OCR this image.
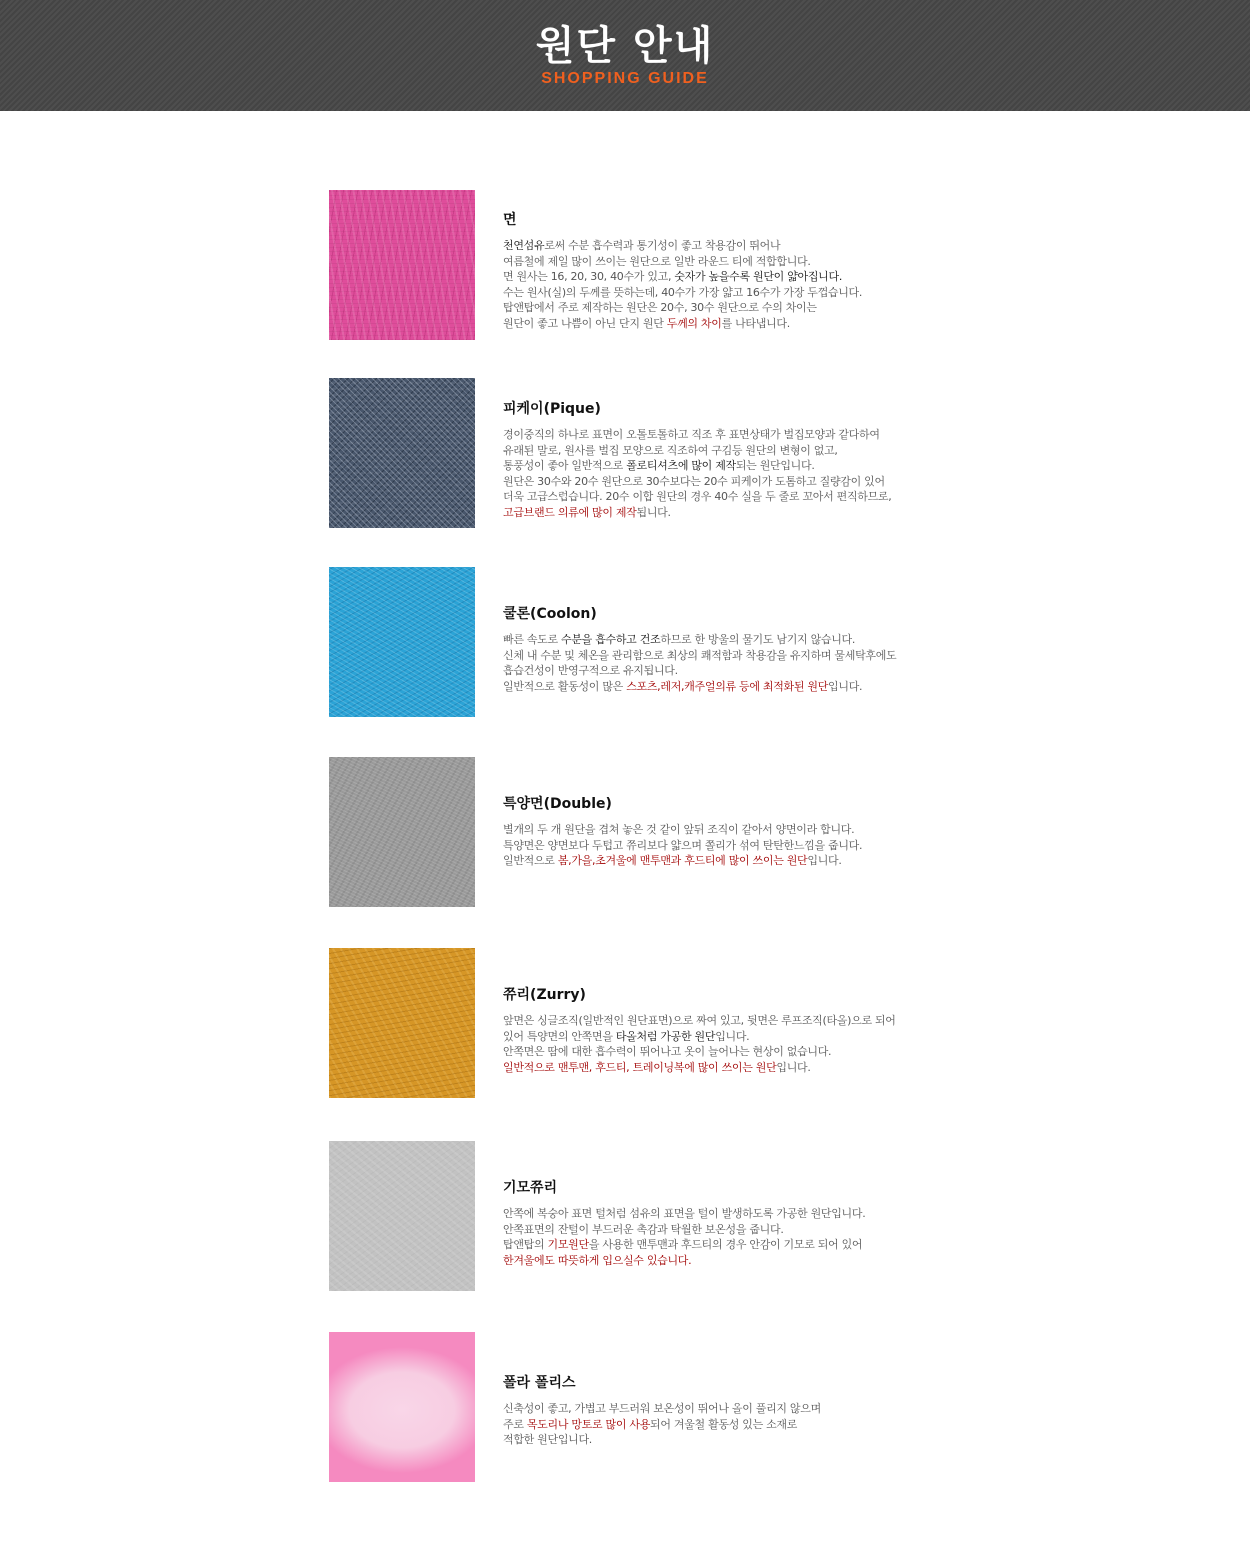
원단 안내
SHOPPING GUIDE
면
천연섬유로써 수분 흡수력과 통기성이 좋고 착용감이 뛰어나
여름철에 제일 많이 쓰이는 원단으로 일반 라운드 티에 적합합니다.
면 원사는 16, 20, 30, 40수가 있고, 숫자가 높을수록 원단이 얇아집니다.
수는 원사(실)의 두께를 뜻하는데, 40수가 가장 얇고 16수가 가장 두껍습니다.
탑앤탑에서 주로 제작하는 원단은 20수, 30수 원단으로 수의 차이는
원단이 좋고 나쁨이 아닌 단지 원단 두께의 차이를 나타냅니다.
피케이(Pique)
경이중직의 하나로 표면이 오톨토톨하고 직조 후 표면상태가 벌집모양과 같다하여
유래된 말로, 원사를 벌집 모양으로 직조하여 구김등 원단의 변형이 없고,
통풍성이 좋아 일반적으로 폴로티셔츠에 많이 제작되는 원단입니다.
원단은 30수와 20수 원단으로 30수보다는 20수 피케이가 도톰하고 질량감이 있어
더욱 고급스럽습니다. 20수 이합 원단의 경우 40수 실을 두 줄로 꼬아서 편직하므로,
고급브랜드 의류에 많이 제작됩니다.
쿨론(Coolon)
빠른 속도로 수분을 흡수하고 건조하므로 한 방울의 물기도 남기지 않습니다.
신체 내 수분 및 체온을 관리함으로 최상의 쾌적함과 착용감을 유지하며 물세탁후에도
흡습건성이 반영구적으로 유지됩니다.
일반적으로 활동성이 많은 스포츠,레저,캐주얼의류 등에 최적화된 원단입니다.
특양면(Double)
별개의 두 개 원단을 겹쳐 놓은 것 같이 앞뒤 조직이 같아서 양면이라 합니다.
특양면은 양면보다 두텁고 쮸리보다 얇으며 쫄리가 섞여 탄탄한느낌을 줍니다.
일반적으로 봄,가을,초겨울에 맨투맨과 후드티에 많이 쓰이는 원단입니다.
쮸리(Zurry)
앞면은 싱글조직(일반적인 원단표면)으로 짜여 있고, 뒷면은 루프조직(타올)으로 되어
있어 특양면의 안쪽면을 타올처럼 가공한 원단입니다.
안쪽면은 땀에 대한 흡수력이 뛰어나고 옷이 늘어나는 현상이 없습니다.
일반적으로 맨투맨, 후드티, 트레이닝복에 많이 쓰이는 원단입니다.
기모쮸리
안쪽에 복숭아 표면 털처럼 섬유의 표면을 털이 발생하도록 가공한 원단입니다.
안쪽표면의 잔털이 부드러운 촉감과 탁월한 보온성을 줍니다.
탑앤탑의 기모원단을 사용한 맨투맨과 후드티의 경우 안감이 기모로 되어 있어
한겨울에도 따뜻하게 입으실수 있습니다.
폴라 폴리스
신축성이 좋고, 가볍고 부드러워 보온성이 뛰어나 올이 풀리지 않으며
주로 목도리나 망토로 많이 사용되어 겨울철 활동성 있는 소재로
적합한 원단입니다.
